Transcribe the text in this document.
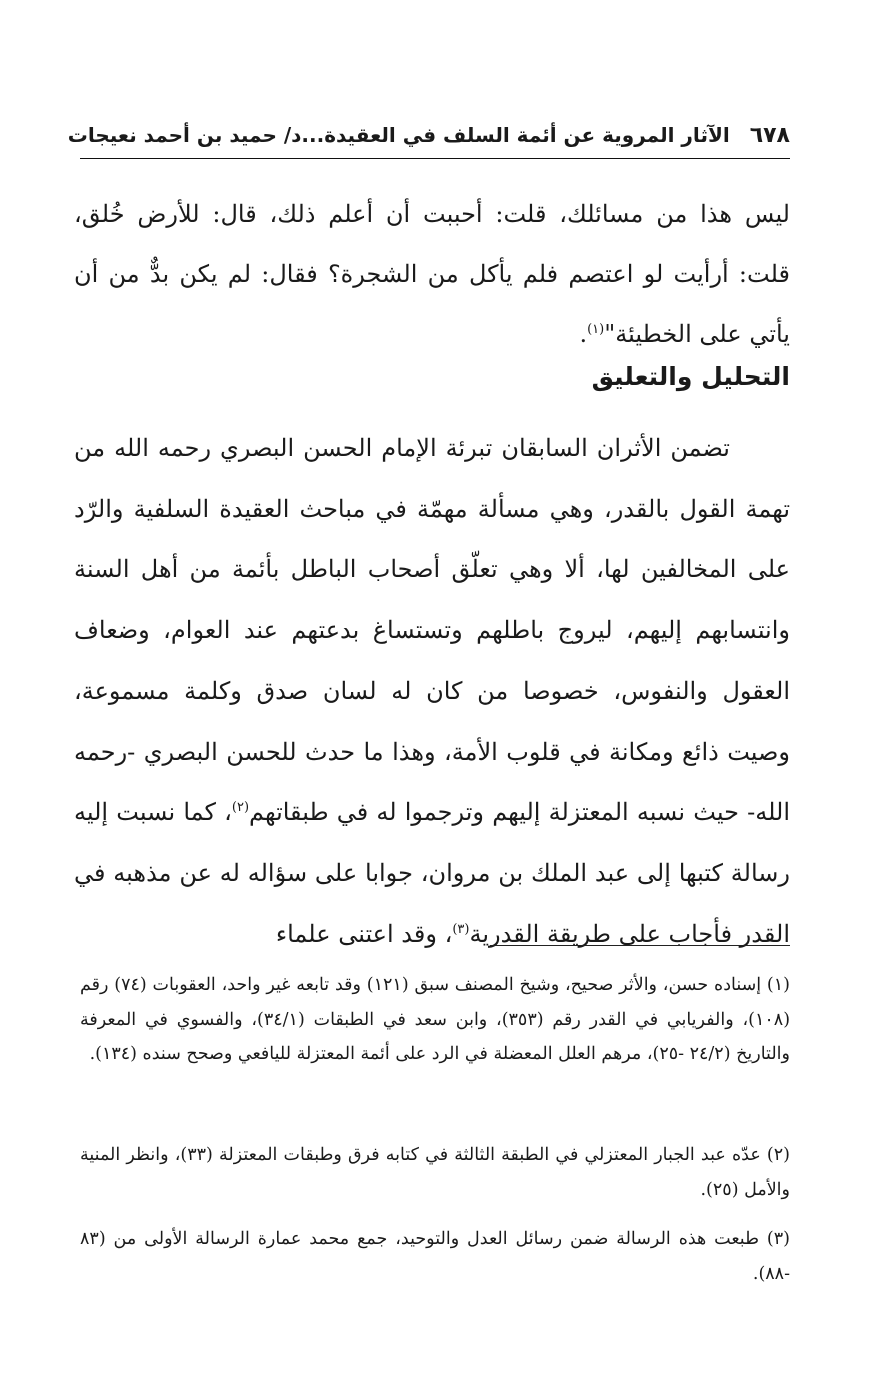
٦٧٨
الآثار المروية عن أئمة السلف في العقيدة...د/ حميد بن أحمد نعيجات

ليس هذا من مسائلك، قلت: أحببت أن أعلم ذلك، قال: للأرض خُلق، قلت: أرأيت لو اعتصم فلم يأكل من الشجرة؟ فقال: لم يكن بدٌّ من أن يأتي على الخطيئة"$^{(١)}$.

التحليل والتعليق

تضمن الأثران السابقان تبرئة الإمام الحسن البصري رحمه الله من تهمة القول بالقدر، وهي مسألة مهمّة في مباحث العقيدة السلفية والرّد على المخالفين لها، ألا وهي تعلّق أصحاب الباطل بأئمة من أهل السنة وانتسابهم إليهم، ليروج باطلهم وتستساغ بدعتهم عند العوام، وضعاف العقول والنفوس، خصوصا من كان له لسان صدق وكلمة مسموعة، وصيت ذائع ومكانة في قلوب الأمة، وهذا ما حدث للحسن البصري -رحمه الله- حيث نسبه المعتزلة إليهم وترجموا له في طبقاتهم$^{(٢)}$، كما نسبت إليه رسالة كتبها إلى عبد الملك بن مروان، جوابا على سؤاله له عن مذهبه في القدر فأجاب على طريقة القدرية$^{(٣)}$، وقد اعتنى علماء

(١) إسناده حسن، والأثر صحيح، وشيخ المصنف سبق (١٢١) وقد تابعه غير واحد، العقوبات (٧٤) رقم (١٠٨)، والفريابي في القدر رقم (٣٥٣)، وابن سعد في الطبقات (٣٤/١)، والفسوي في المعرفة والتاريخ (٢٤/٢ -٢٥)، مرهم العلل المعضلة في الرد على أئمة المعتزلة لليافعي وصحح سنده (١٣٤).

(٢) عدّه عبد الجبار المعتزلي في الطبقة الثالثة في كتابه فرق وطبقات المعتزلة (٣٣)، وانظر المنية والأمل (٢٥).

(٣) طبعت هذه الرسالة ضمن رسائل العدل والتوحيد، جمع محمد عمارة الرسالة الأولى من (٨٣ -٨٨).
